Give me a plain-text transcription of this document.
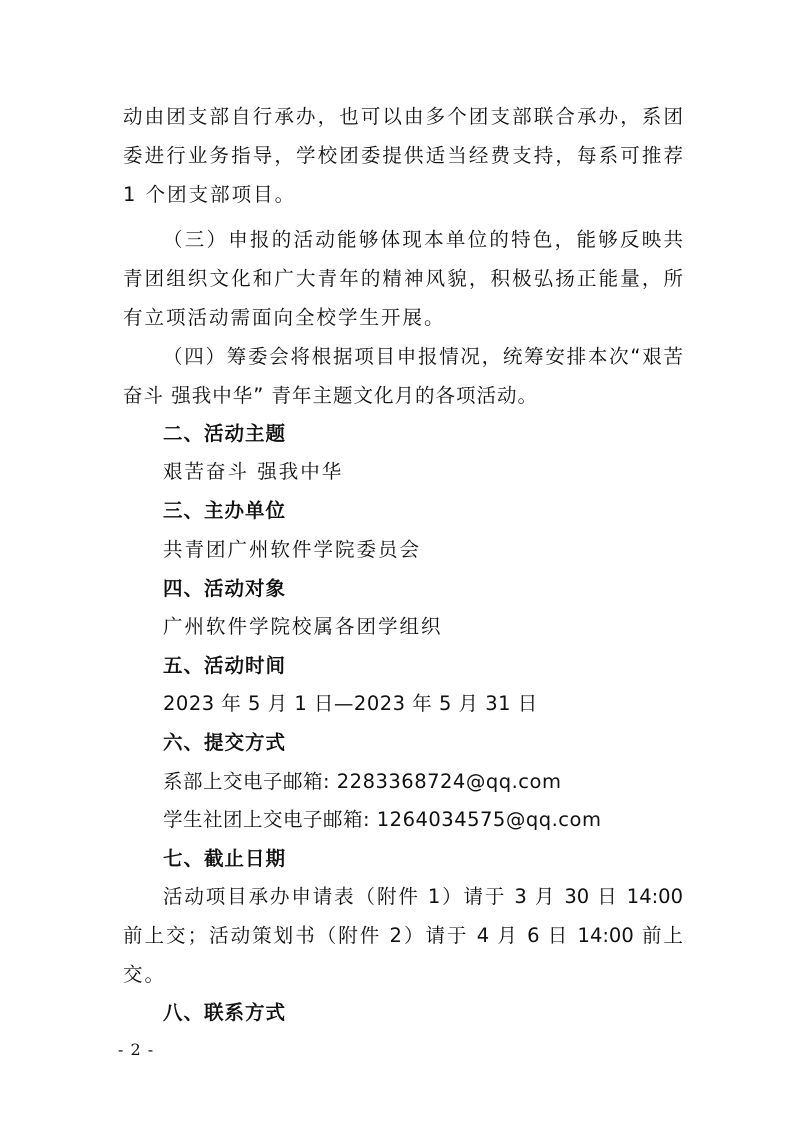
动由团支部自行承办，也可以由多个团支部联合承办，系团
委进行业务指导，学校团委提供适当经费支持，每系可推荐
1 个团支部项目。
（三）申报的活动能够体现本单位的特色，能够反映共
青团组织文化和广大青年的精神风貌，积极弘扬正能量，所
有立项活动需面向全校学生开展。
（四）筹委会将根据项目申报情况，统筹安排本次“艰苦
奋斗 强我中华” 青年主题文化月的各项活动。
二、活动主题
艰苦奋斗 强我中华
三、主办单位
共青团广州软件学院委员会
四、活动对象
广州软件学院校属各团学组织
五、活动时间
2023 年 5 月 1 日—2023 年 5 月 31 日
六、提交方式
系部上交电子邮箱: 2283368724@qq.com
学生社团上交电子邮箱: 1264034575@qq.com
七、截止日期
活动项目承办申请表（附件 1）请于 3 月 30 日 14:00
前上交；活动策划书（附件 2）请于 4 月 6 日 14:00 前上
交。
八、联系方式
- 2 -
